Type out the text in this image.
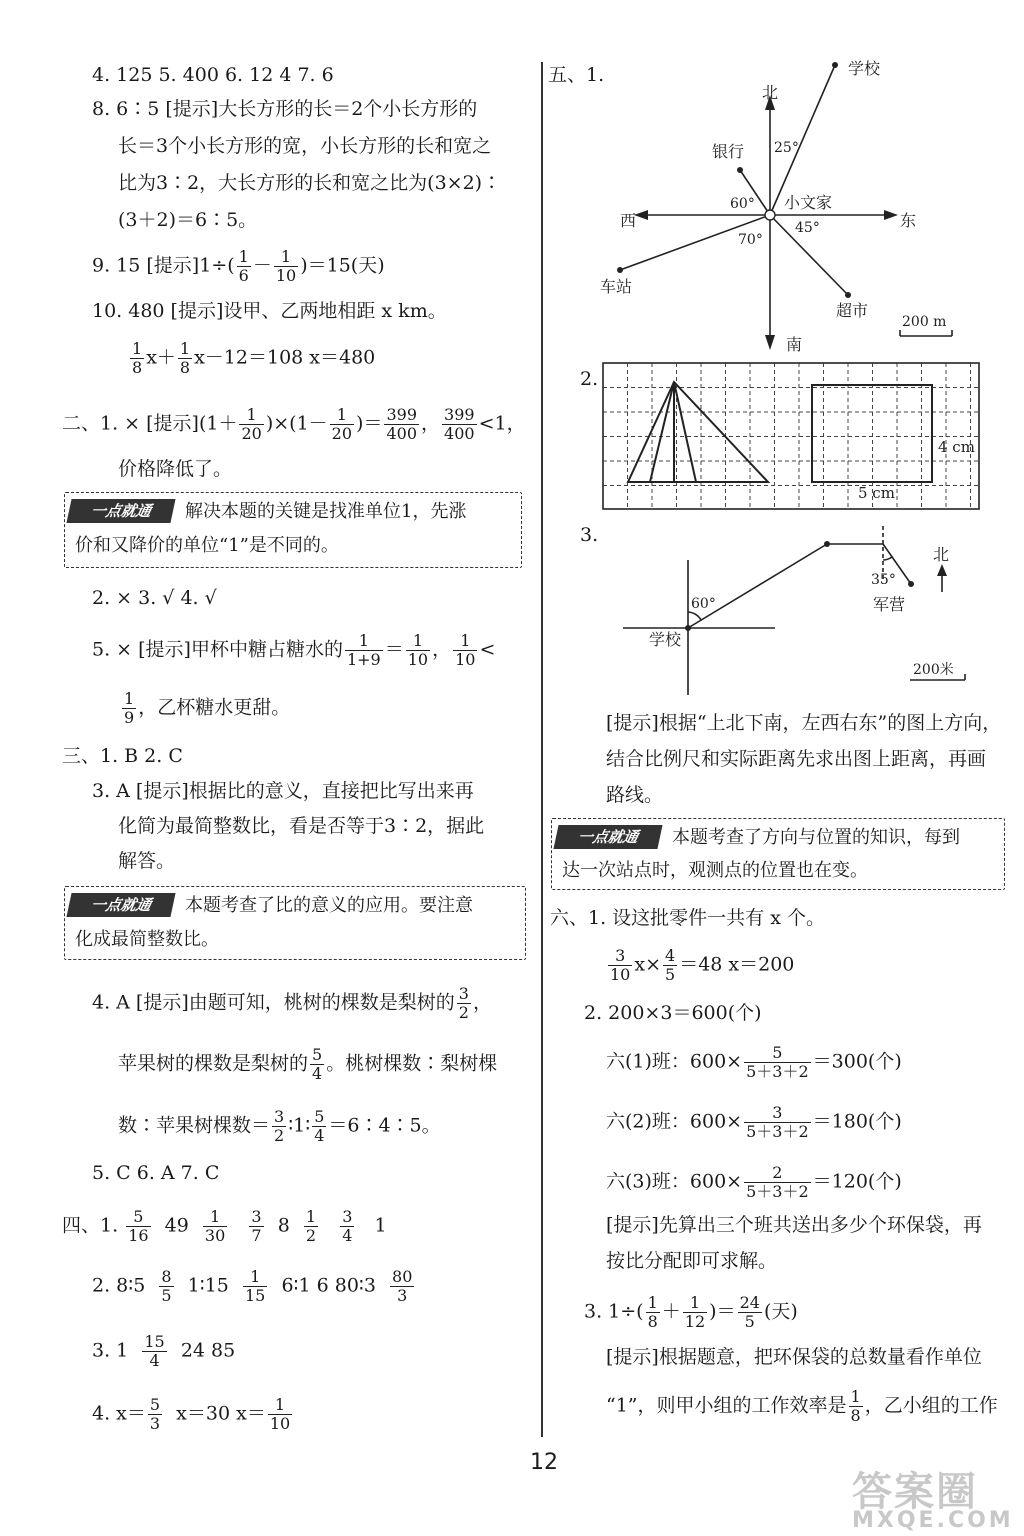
4. 125 5. 400 6. 12 4 7. 6
8. 6∶5 [提示]大长方形的长＝2个小长方形的
长＝3个小长方形的宽，小长方形的长和宽之
比为3∶2，大长方形的长和宽之比为(3×2)∶
(3＋2)＝6∶5。
9. 15 [提示]$1\div( \frac{1}{6} - \frac{1}{10} )=15$(天)
10. 480 [提示]设甲、乙两地相距 x km。
$\frac{1}{8} x+ \frac{1}{8} x-12=108$ x＝480
二、1. × [提示]$(1+ \frac{1}{20} )\times(1- \frac{1}{20}$ )＝ $\frac{399}{400}$ ， $\frac{399}{400} <1$，
价格降低了。
一点就通	解决本题的关键是找准单位1，先涨
价和又降价的单位“1”是不同的。
2. × 3. √ 4. √
5. × [提示]甲杯中糖占糖水的 $\frac{1}{1+9} = \frac{1}{10}$ ， $\frac{1}{10}$ <
$\frac{1}{9}$ ，乙杯糖水更甜。
三、1. B 2. C
3. A [提示]根据比的意义，直接把比写出来再
化简为最简整数比，看是否等于3∶2，据此
解答。
一点就通	本题考查了比的意义的应用。要注意
化成最简整数比。
4. A [提示]由题可知，桃树的棵数是梨树的 $\frac{3}{2}$ ，
苹果树的棵数是梨树的 $\frac{5}{4}$ 。桃树棵数∶梨树棵
数∶苹果树棵数＝ $\frac{3}{2}$ ∶1∶ $\frac{5}{4}$ ＝6∶4∶5。
5. C 6. A 7. C
四、1. $\frac{5}{16} 49 \frac{1}{30}$
$\frac{3}{7} 8 \frac{1}{2}$
$\frac{3}{4} 1$
2. 8∶5 $\frac{8}{5}$ 1∶15 $\frac{1}{15}$ 6∶1 6 80∶3 $\frac{80}{3}$
3. $1 \frac{15}{4} 24$ 85
4. $x= \frac{5}{3} x=30$ $x= \frac{1}{10}$
五、1.
北
南
西	东
学校
银行
小文家
车站
超市
25°
60°
45°
70°
200 m
2.
4 cm
5 cm
3.
学校
军营
北
60°
35°
200米
[提示]根据“上北下南，左西右东”的图上方向，
结合比例尺和实际距离先求出图上距离，再画
路线。
一点就通	本题考查了方向与位置的知识，每到
达一次站点时，观测点的位置也在变。
六、1. 设这批零件一共有 x 个。
$\frac{3}{10} x\times \frac{4}{5} =48$ x＝200
2. 200×3＝600(个)
六(1)班：$600\times \frac{5}{5+3+2} =300$(个)
六(2)班：$600\times \frac{3}{5+3+2} =180$(个)
六(3)班：$600\times \frac{2}{5+3+2} =120$(个)
[提示]先算出三个班共送出多少个环保袋，再
按比分配即可求解。
3. $1\div( \frac{1}{8} + \frac{1}{12}$ )＝ $\frac{24}{5}$ (天)
[提示]根据题意，把环保袋的总数量看作单位
“1”，则甲小组的工作效率是 $\frac{1}{8}$ ，乙小组的工作
12
答案圈
MXQE.COM
